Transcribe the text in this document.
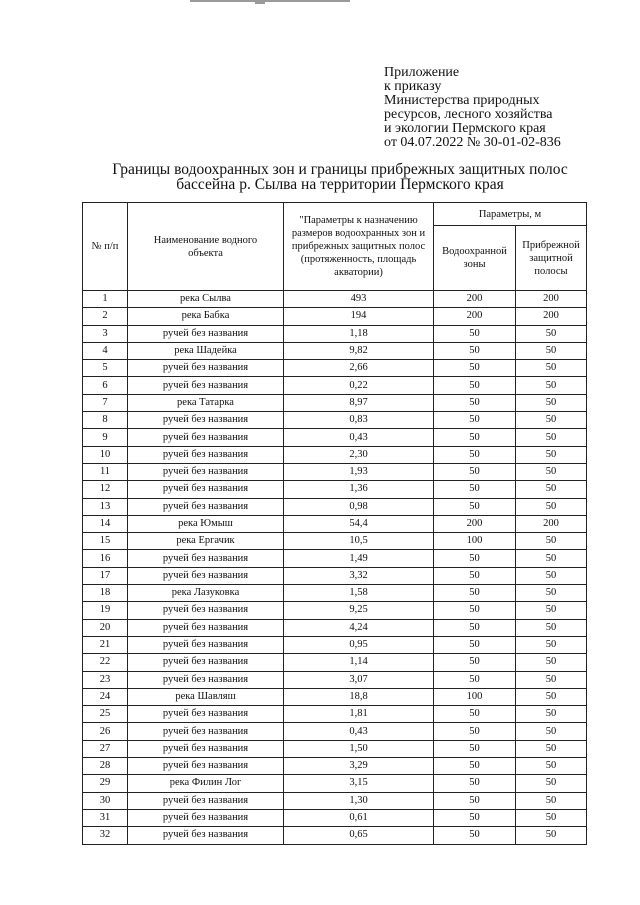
Приложение
к приказу
Министерства природных
ресурсов, лесного хозяйства
и экологии Пермского края
от 04.07.2022 № 30-01-02-836
Границы водоохранных зон и границы прибрежных защитных полос
бассейна р. Сылва на территории Пермского края
№ п/п	Наименование водного объекта	"Параметры к назначению размеров водоохранных зон и прибрежных защитных полос (протяженность, площадь акватории)	Параметры, м	
			Водоохранной зоны	Прибрежной защитной полосы
1	река Сылва	493	200	200
2	река Бабка	194	200	200
3	ручей без названия	1,18	50	50
4	река Шадейка	9,82	50	50
5	ручей без названия	2,66	50	50
6	ручей без названия	0,22	50	50
7	река Татарка	8,97	50	50
8	ручей без названия	0,83	50	50
9	ручей без названия	0,43	50	50
10	ручей без названия	2,30	50	50
11	ручей без названия	1,93	50	50
12	ручей без названия	1,36	50	50
13	ручей без названия	0,98	50	50
14	река Юмыш	54,4	200	200
15	река Ергачик	10,5	100	50
16	ручей без названия	1,49	50	50
17	ручей без названия	3,32	50	50
18	река Лазуковка	1,58	50	50
19	ручей без названия	9,25	50	50
20	ручей без названия	4,24	50	50
21	ручей без названия	0,95	50	50
22	ручей без названия	1,14	50	50
23	ручей без названия	3,07	50	50
24	река Шавляш	18,8	100	50
25	ручей без названия	1,81	50	50
26	ручей без названия	0,43	50	50
27	ручей без названия	1,50	50	50
28	ручей без названия	3,29	50	50
29	река Филин Лог	3,15	50	50
30	ручей без названия	1,30	50	50
31	ручей без названия	0,61	50	50
32	ручей без названия	0,65	50	50
